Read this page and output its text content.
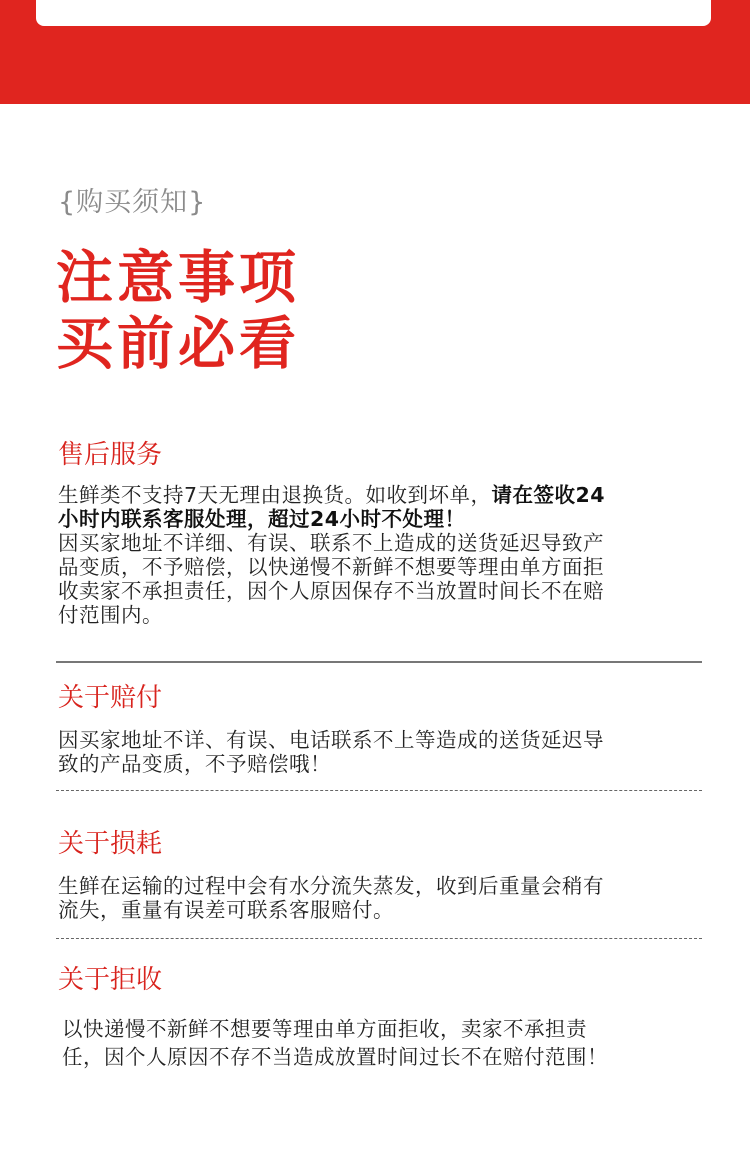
{购买须知}
注意事项
买前必看
售后服务
生鲜类不支持7天无理由退换货。如收到坏单，请在签收24
小时内联系客服处理，超过24小时不处理！
因买家地址不详细、有误、联系不上造成的送货延迟导致产
品变质，不予赔偿，以快递慢不新鲜不想要等理由单方面拒
收卖家不承担责任，因个人原因保存不当放置时间长不在赔
付范围内。
关于赔付
因买家地址不详、有误、电话联系不上等造成的送货延迟导
致的产品变质，不予赔偿哦！
关于损耗
生鲜在运输的过程中会有水分流失蒸发，收到后重量会稍有
流失，重量有误差可联系客服赔付。
关于拒收
以快递慢不新鲜不想要等理由单方面拒收，卖家不承担责
任，因个人原因不存不当造成放置时间过长不在赔付范围！
